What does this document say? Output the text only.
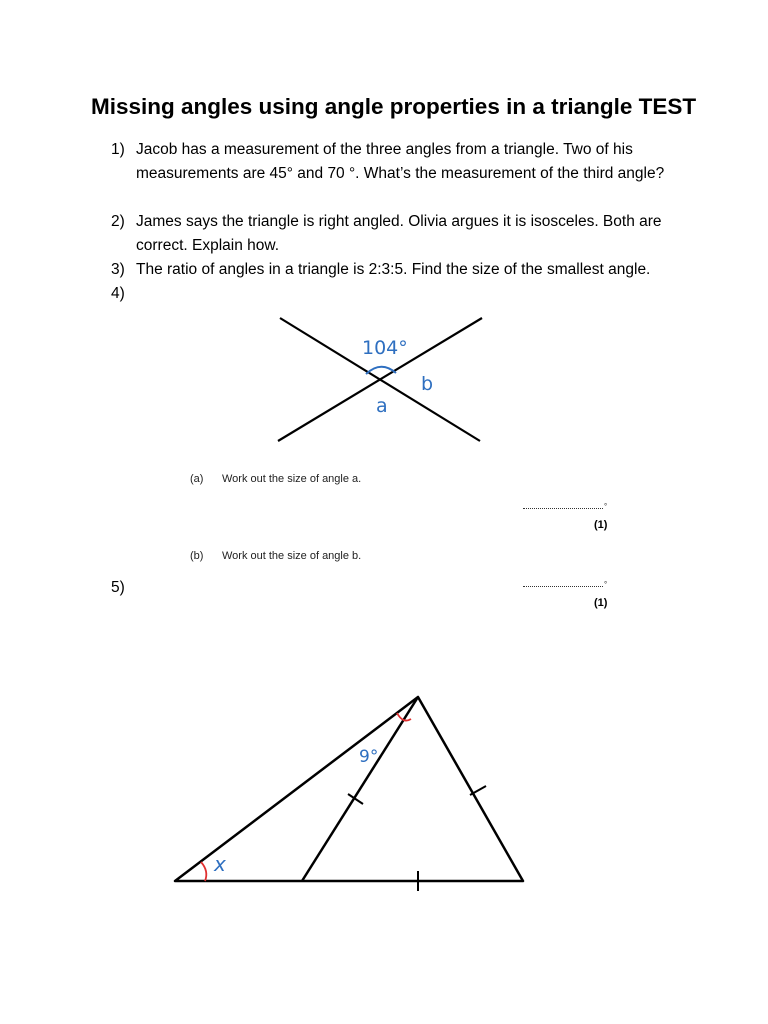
Missing angles using angle properties in a triangle TEST
1) Jacob has a measurement of the three angles from a triangle. Two of his measurements are 45° and 70 °. What’s the measurement of the third angle?
2) James says the triangle is right angled. Olivia argues it is isosceles. Both are correct. Explain how.
3) The ratio of angles in a triangle is 2:3:5. Find the size of the smallest angle.
4)
104°
b
a
(a) Work out the size of angle a.
°
(1)
(b) Work out the size of angle b.
5)	°
(1)
9°
x
